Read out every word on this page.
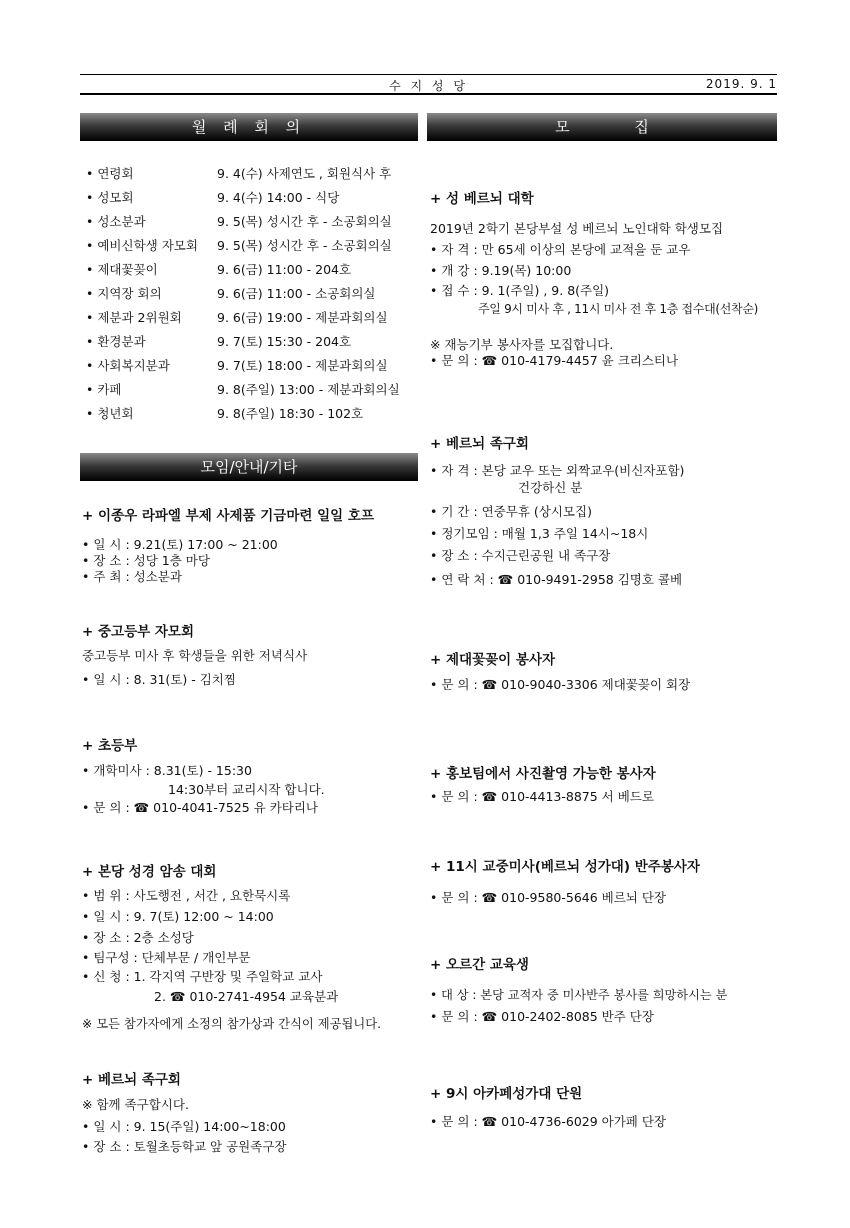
수 지 성 당	2019. 9. 1
월 례 회 의	모 집
모임/안내/기타
• 연령회	9. 4(수) 사제연도 , 회원식사 후
• 성모회	9. 4(수) 14:00 - 식당
• 성소분과	9. 5(목) 성시간 후 - 소공회의실
• 예비신학생 자모회 9. 5(목) 성시간 후 - 소공회의실
• 제대꽃꽂이	9. 6(금) 11:00 - 204호
• 지역장 회의	9. 6(금) 11:00 - 소공회의실
• 제분과 2위원회	9. 6(금) 19:00 - 제분과회의실
• 환경분과	9. 7(토) 15:30 - 204호
• 사회복지분과	9. 7(토) 18:00 - 제분과회의실
• 카페	9. 8(주일) 13:00 - 제분과회의실
• 청년회	9. 8(주일) 18:30 - 102호
+ 이종우 라파엘 부제 사제품 기금마련 일일 호프
• 일 시 : 9.21(토) 17:00 ~ 21:00
• 장 소 : 성당 1층 마당
• 주 최 : 성소분과
+ 중고등부 자모회
중고등부 미사 후 학생들을 위한 저녁식사
• 일 시 : 8. 31(토) - 김치찜
+ 초등부
• 개학미사 : 8.31(토) - 15:30
14:30부터 교리시작 합니다.
• 문 의 : ☎ 010-4041-7525 유 카타리나
+ 본당 성경 암송 대회
• 범 위 : 사도행전 , 서간 , 요한묵시록
• 일 시 : 9. 7(토) 12:00 ~ 14:00
• 장 소 : 2층 소성당
• 팀구성 : 단체부문 / 개인부문
• 신 청 : 1. 각지역 구반장 및 주일학교 교사
2. ☎ 010-2741-4954 교육분과
※ 모든 참가자에게 소정의 참가상과 간식이 제공됩니다.
+ 베르뇌 족구회
※ 함께 족구합시다.
• 일 시 : 9. 15(주일) 14:00~18:00
• 장 소 : 토월초등학교 앞 공원족구장
+ 성 베르뇌 대학
2019년 2학기 본당부설 성 베르뇌 노인대학 학생모집
• 자 격 : 만 65세 이상의 본당에 교적을 둔 교우
• 개 강 : 9.19(목) 10:00
• 접 수 : 9. 1(주일) , 9. 8(주일)
주일 9시 미사 후 , 11시 미사 전 후 1층 접수대(선착순)
※ 재능기부 봉사자를 모집합니다.
• 문 의 : ☎ 010-4179-4457 윤 크리스티나
+ 베르뇌 족구회
• 자 격 : 본당 교우 또는 외짝교우(비신자포함)
건강하신 분
• 기 간 : 연중무휴 (상시모집)
• 정기모임 : 매월 1,3 주일 14시~18시
• 장 소 : 수지근린공원 내 족구장
• 연 락 처 : ☎ 010-9491-2958 김명호 콜베
+ 제대꽃꽂이 봉사자
• 문 의 : ☎ 010-9040-3306 제대꽃꽂이 회장
+ 홍보팀에서 사진촬영 가능한 봉사자
• 문 의 : ☎ 010-4413-8875 서 베드로
+ 11시 교중미사(베르뇌 성가대) 반주봉사자
• 문 의 : ☎ 010-9580-5646 베르뇌 단장
+ 오르간 교육생
• 대 상 : 본당 교적자 중 미사반주 봉사를 희망하시는 분
• 문 의 : ☎ 010-2402-8085 반주 단장
+ 9시 아카페성가대 단원
• 문 의 : ☎ 010-4736-6029 아가페 단장
